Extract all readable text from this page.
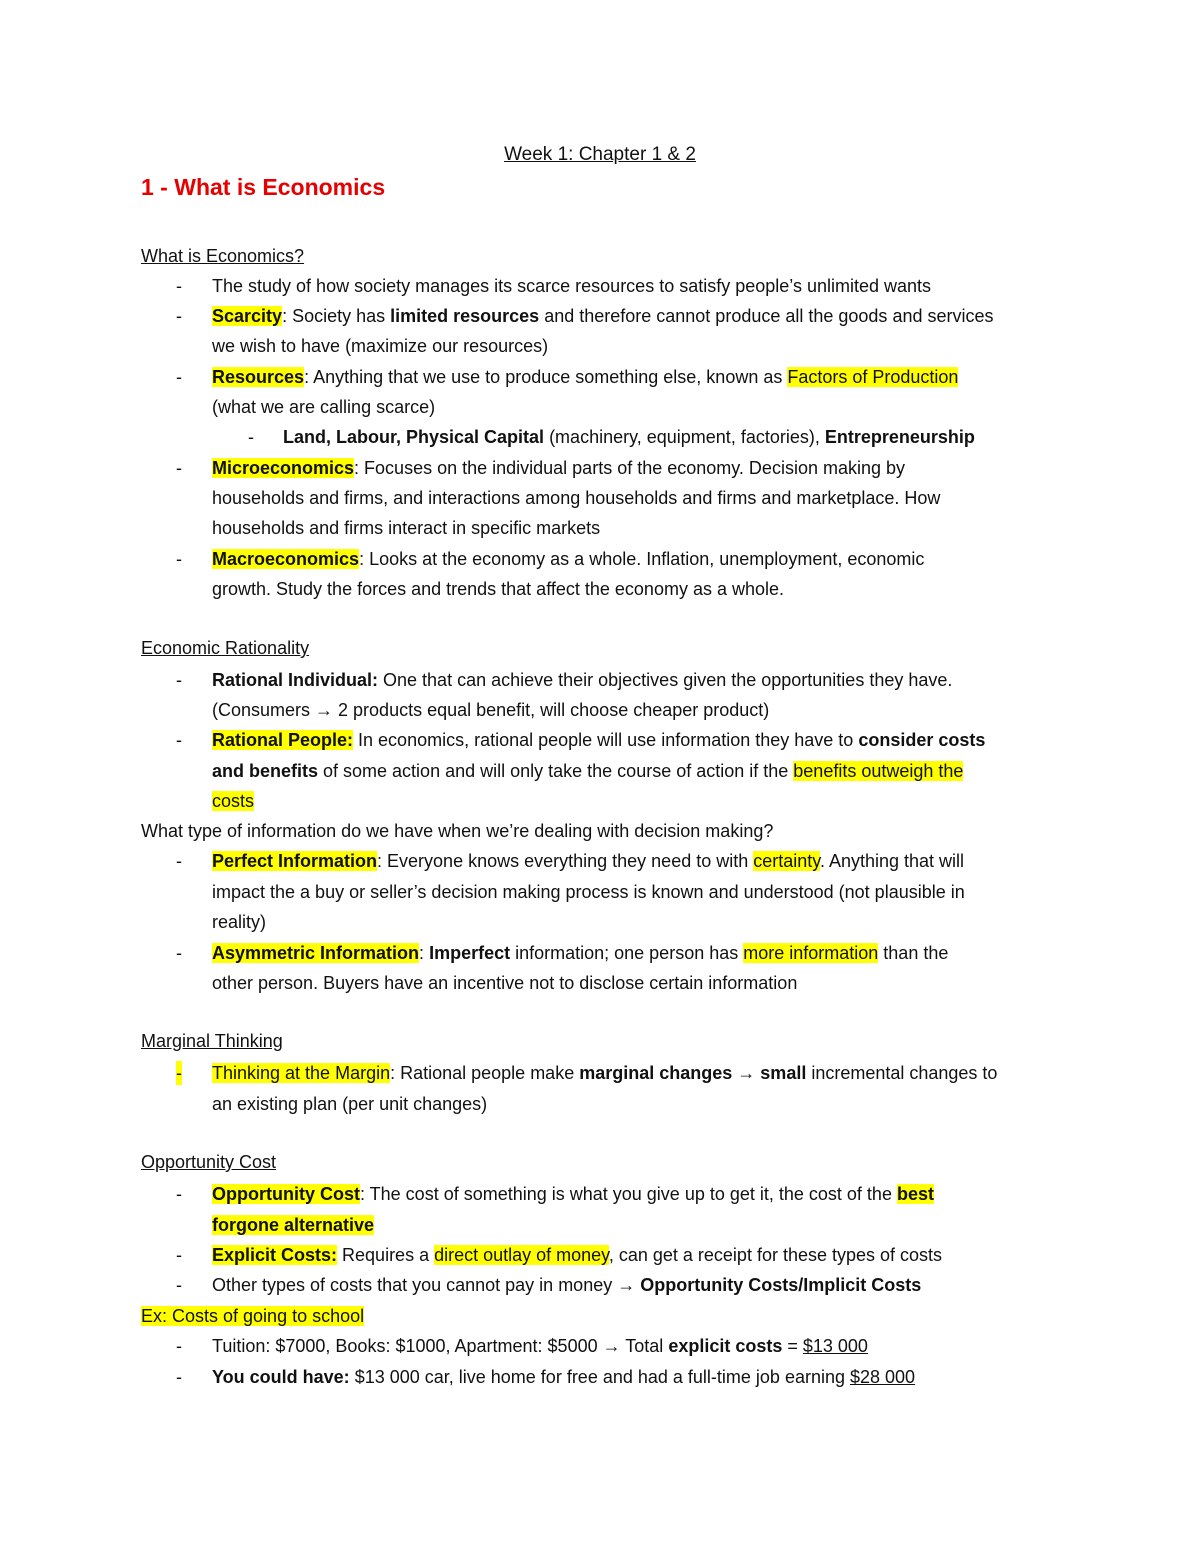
Week 1: Chapter 1 & 2
1 - What is Economics
What is Economics?
- The study of how society manages its scarce resources to satisfy people’s unlimited wants
- Scarcity: Society has limited resources and therefore cannot produce all the goods and services
we wish to have (maximize our resources)
- Resources: Anything that we use to produce something else, known as Factors of Production
(what we are calling scarce)
- Land, Labour, Physical Capital (machinery, equipment, factories), Entrepreneurship
- Microeconomics: Focuses on the individual parts of the economy. Decision making by
households and firms, and interactions among households and firms and marketplace. How
households and firms interact in specific markets
- Macroeconomics: Looks at the economy as a whole. Inflation, unemployment, economic
growth. Study the forces and trends that affect the economy as a whole.
Economic Rationality
- Rational Individual: One that can achieve their objectives given the opportunities they have.
(Consumers → 2 products equal benefit, will choose cheaper product)
- Rational People: In economics, rational people will use information they have to consider costs
and benefits of some action and will only take the course of action if the benefits outweigh the
costs
What type of information do we have when we’re dealing with decision making?
- Perfect Information: Everyone knows everything they need to with certainty. Anything that will
impact the a buy or seller’s decision making process is known and understood (not plausible in
reality)
- Asymmetric Information: Imperfect information; one person has more information than the
other person. Buyers have an incentive not to disclose certain information
Marginal Thinking
- Thinking at the Margin: Rational people make marginal changes → small incremental changes to
an existing plan (per unit changes)
Opportunity Cost
- Opportunity Cost: The cost of something is what you give up to get it, the cost of the best
forgone alternative
- Explicit Costs: Requires a direct outlay of money, can get a receipt for these types of costs
- Other types of costs that you cannot pay in money → Opportunity Costs/Implicit Costs
Ex: Costs of going to school
- Tuition: $7000, Books: $1000, Apartment: $5000 → Total explicit costs = $13 000
- You could have: $13 000 car, live home for free and had a full-time job earning $28 000
